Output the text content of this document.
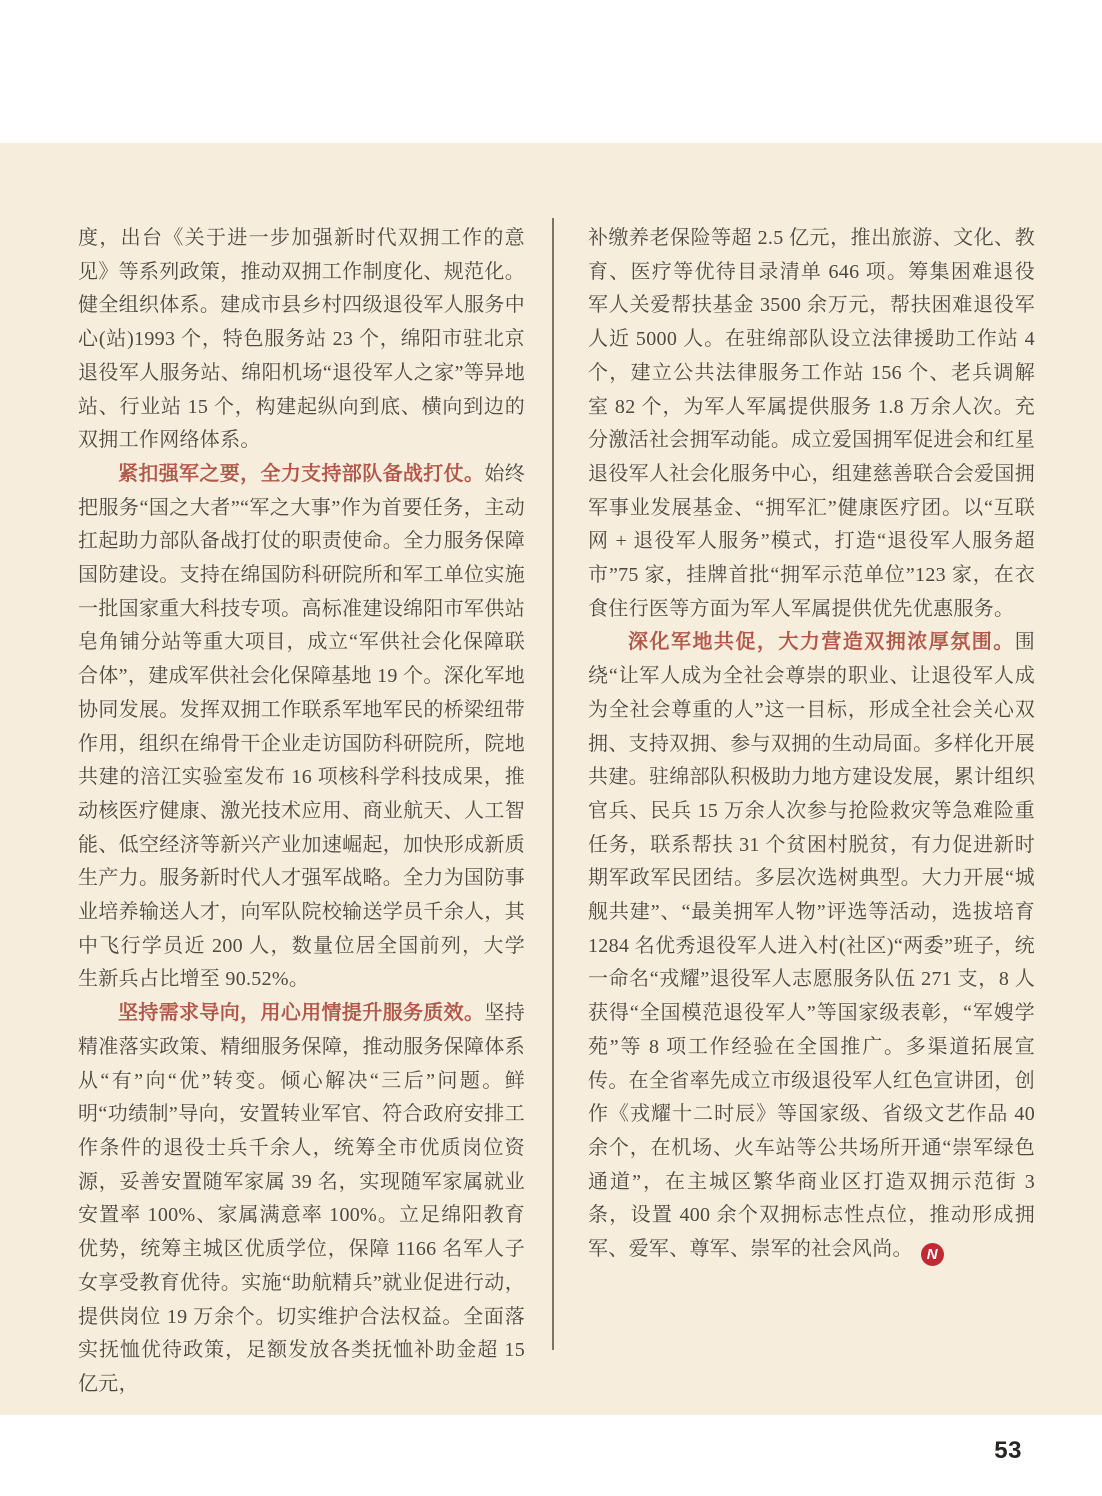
度，出台《关于进一步加强新时代双拥工作的意见》等系列政策，推动双拥工作制度化、规范化。健全组织体系。建成市县乡村四级退役军人服务中心(站)1993 个，特色服务站 23 个，绵阳市驻北京退役军人服务站、绵阳机场“退役军人之家”等异地站、行业站 15 个，构建起纵向到底、横向到边的双拥工作网络体系。

紧扣强军之要，全力支持部队备战打仗。始终把服务“国之大者”“军之大事”作为首要任务，主动扛起助力部队备战打仗的职责使命。全力服务保障国防建设。支持在绵国防科研院所和军工单位实施一批国家重大科技专项。高标准建设绵阳市军供站皂角铺分站等重大项目，成立“军供社会化保障联合体”，建成军供社会化保障基地 19 个。深化军地协同发展。发挥双拥工作联系军地军民的桥梁纽带作用，组织在绵骨干企业走访国防科研院所，院地共建的涪江实验室发布 16 项核科学科技成果，推动核医疗健康、激光技术应用、商业航天、人工智能、低空经济等新兴产业加速崛起，加快形成新质生产力。服务新时代人才强军战略。全力为国防事业培养输送人才，向军队院校输送学员千余人，其中飞行学员近 200 人，数量位居全国前列，大学生新兵占比增至 90.52%。

坚持需求导向，用心用情提升服务质效。坚持精准落实政策、精细服务保障，推动服务保障体系从“有”向“优”转变。倾心解决“三后”问题。鲜明“功绩制”导向，安置转业军官、符合政府安排工作条件的退役士兵千余人，统筹全市优质岗位资源，妥善安置随军家属 39 名，实现随军家属就业安置率 100%、家属满意率 100%。立足绵阳教育优势，统筹主城区优质学位，保障 1166 名军人子女享受教育优待。实施“助航精兵”就业促进行动，提供岗位 19 万余个。切实维护合法权益。全面落实抚恤优待政策，足额发放各类抚恤补助金超 15 亿元，

补缴养老保险等超 2.5 亿元，推出旅游、文化、教育、医疗等优待目录清单 646 项。筹集困难退役军人关爱帮扶基金 3500 余万元，帮扶困难退役军人近 5000 人。在驻绵部队设立法律援助工作站 4 个，建立公共法律服务工作站 156 个、老兵调解室 82 个，为军人军属提供服务 1.8 万余人次。充分激活社会拥军动能。成立爱国拥军促进会和红星退役军人社会化服务中心，组建慈善联合会爱国拥军事业发展基金、“拥军汇”健康医疗团。以“互联网 + 退役军人服务”模式，打造“退役军人服务超市”75 家，挂牌首批“拥军示范单位”123 家，在衣食住行医等方面为军人军属提供优先优惠服务。

深化军地共促，大力营造双拥浓厚氛围。围绕“让军人成为全社会尊崇的职业、让退役军人成为全社会尊重的人”这一目标，形成全社会关心双拥、支持双拥、参与双拥的生动局面。多样化开展共建。驻绵部队积极助力地方建设发展，累计组织官兵、民兵 15 万余人次参与抢险救灾等急难险重任务，联系帮扶 31 个贫困村脱贫，有力促进新时期军政军民团结。多层次选树典型。大力开展“城舰共建”、“最美拥军人物”评选等活动，选拔培育 1284 名优秀退役军人进入村(社区)“两委”班子，统一命名“戎耀”退役军人志愿服务队伍 271 支，8 人获得“全国模范退役军人”等国家级表彰，“军嫂学苑”等 8 项工作经验在全国推广。多渠道拓展宣传。在全省率先成立市级退役军人红色宣讲团，创作《戎耀十二时辰》等国家级、省级文艺作品 40 余个，在机场、火车站等公共场所开通“崇军绿色通道”，在主城区繁华商业区打造双拥示范街 3 条，设置 400 余个双拥标志性点位，推动形成拥军、爱军、尊军、崇军的社会风尚。 N

53
